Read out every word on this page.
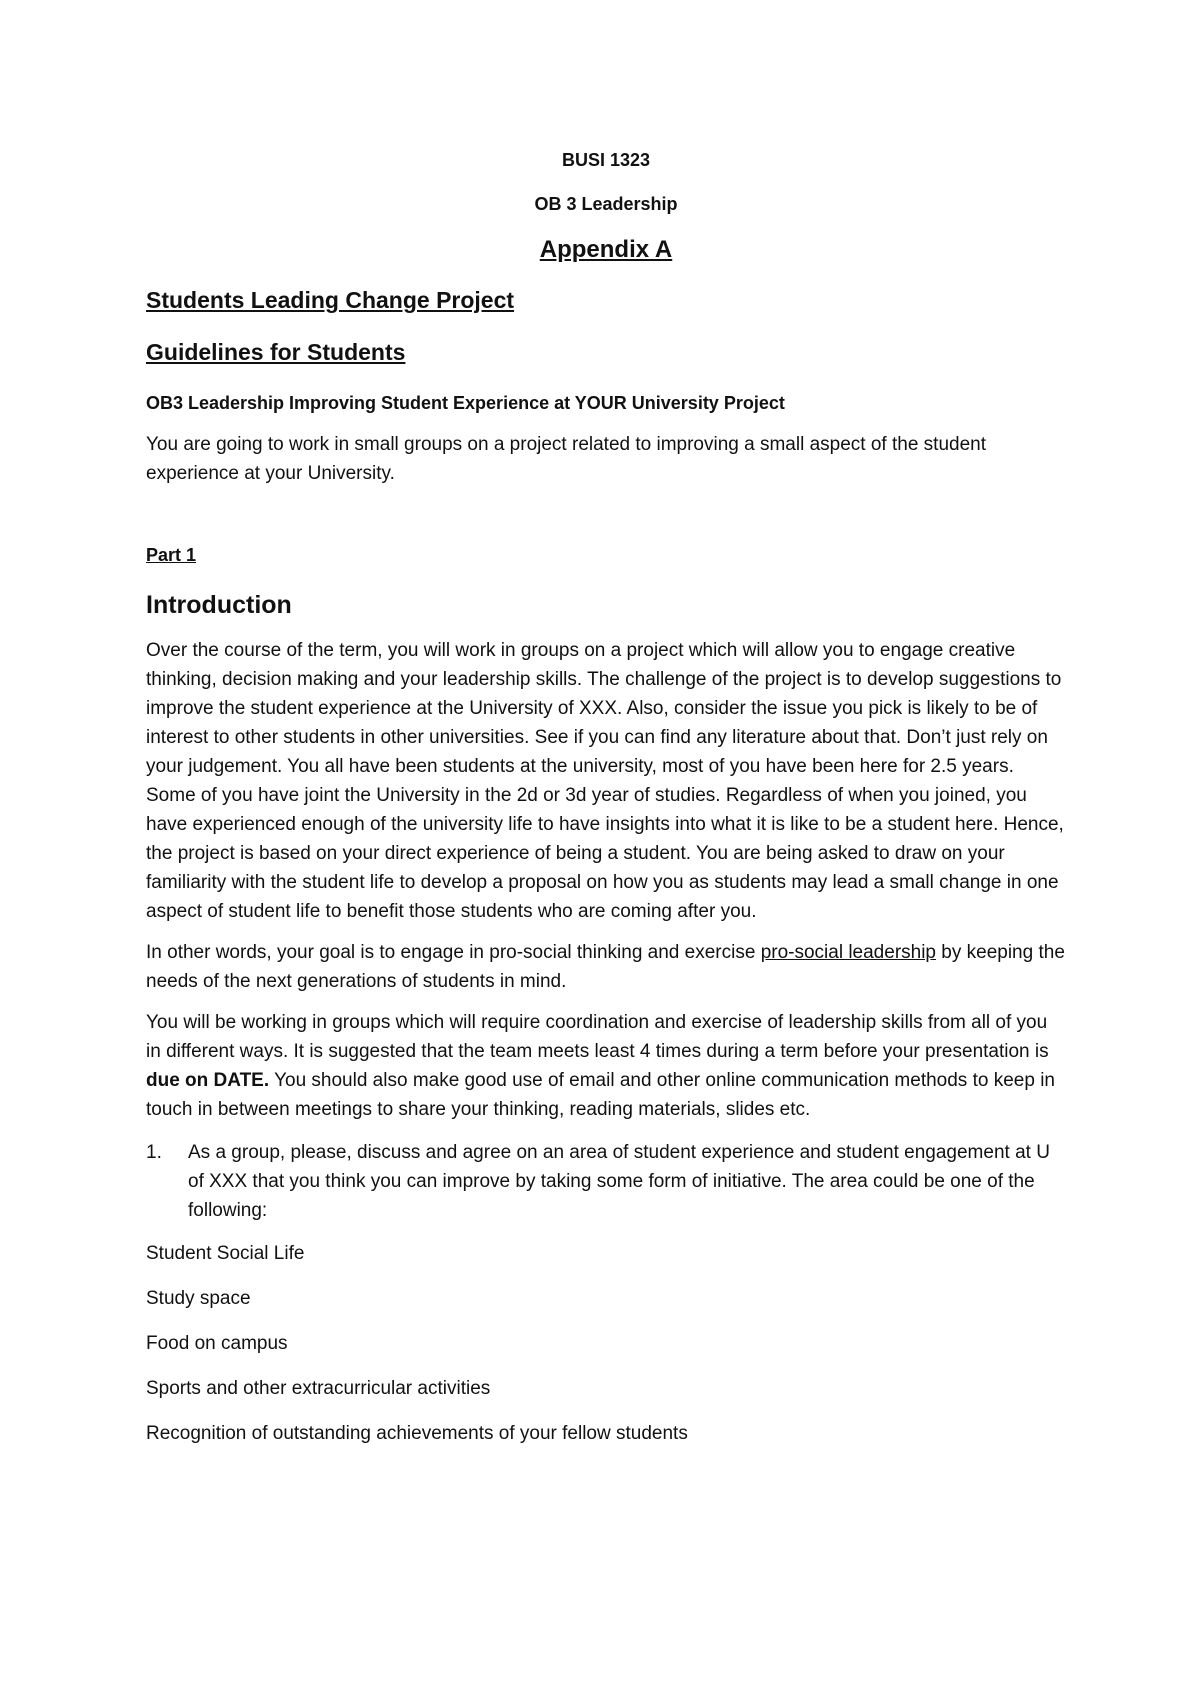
BUSI 1323
OB 3 Leadership
Appendix A
Students Leading Change Project
Guidelines for Students
OB3 Leadership Improving Student Experience at YOUR University Project

You are going to work in small groups on a project related to improving a small aspect of the student experience at your University.

Part 1
Introduction

Over the course of the term, you will work in groups on a project which will allow you to engage creative thinking, decision making and your leadership skills. The challenge of the project is to develop suggestions to improve the student experience at the University of XXX. Also, consider the issue you pick is likely to be of interest to other students in other universities. See if you can find any literature about that. Don’t just rely on your judgement. You all have been students at the university, most of you have been here for 2.5 years. Some of you have joint the University in the 2d or 3d year of studies. Regardless of when you joined, you have experienced enough of the university life to have insights into what it is like to be a student here. Hence, the project is based on your direct experience of being a student. You are being asked to draw on your familiarity with the student life to develop a proposal on how you as students may lead a small change in one aspect of student life to benefit those students who are coming after you.

In other words, your goal is to engage in pro-social thinking and exercise pro-social leadership by keeping the needs of the next generations of students in mind.

You will be working in groups which will require coordination and exercise of leadership skills from all of you in different ways. It is suggested that the team meets least 4 times during a term before your presentation is due on DATE. You should also make good use of email and other online communication methods to keep in touch in between meetings to share your thinking, reading materials, slides etc.

1.	As a group, please, discuss and agree on an area of student experience and student engagement at U of XXX that you think you can improve by taking some form of initiative. The area could be one of the following:
Student Social Life
Study space
Food on campus
Sports and other extracurricular activities
Recognition of outstanding achievements of your fellow students
